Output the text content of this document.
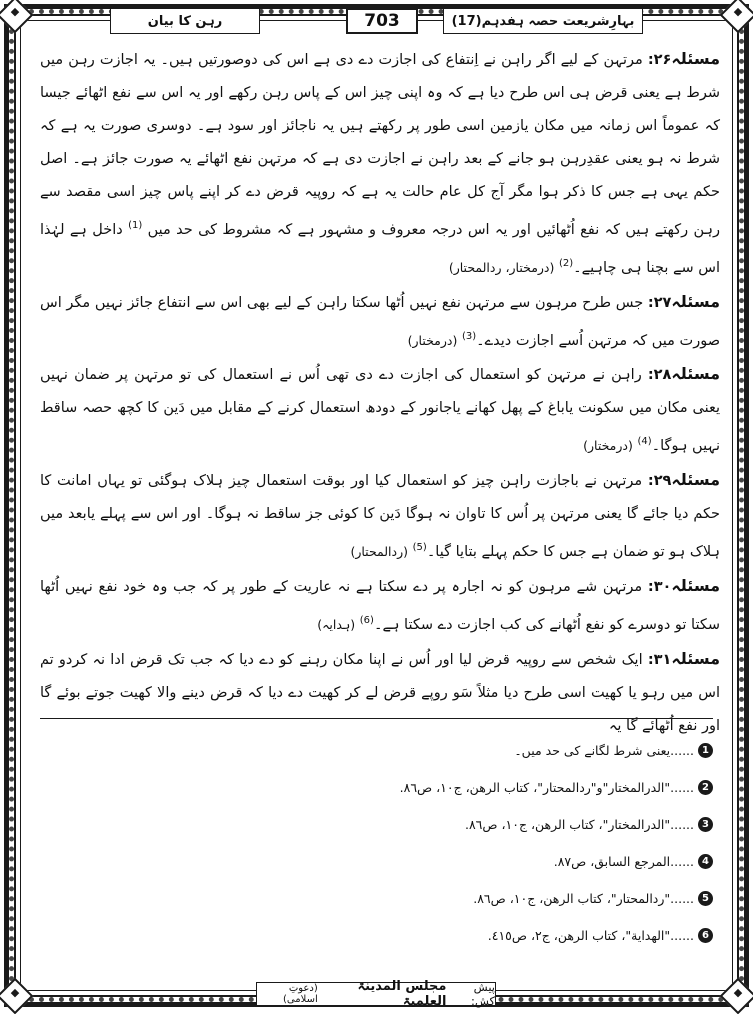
بہارِشریعت حصہ ہفدہم(17)
703
رہن کا بیان

مسئلہ۲۶: مرتہن کے لیے اگر راہن نے اِنتفاع کی اجازت دے دی ہے اس کی دوصورتیں ہیں۔ یہ اجازت رہن میں شرط ہے یعنی قرض ہی اس طرح دیا ہے کہ وہ اپنی چیز اس کے پاس رہن رکھے اور یہ اس سے نفع اٹھائے جیسا کہ عموماً اس زمانہ میں مکان یازمین اسی طور پر رکھتے ہیں یہ ناجائز اور سود ہے۔ دوسری صورت یہ ہے کہ شرط نہ ہو یعنی عقدِرہن ہو جانے کے بعد راہن نے اجازت دی ہے کہ مرتہن نفع اٹھائے یہ صورت جائز ہے۔ اصل حکم یہی ہے جس کا ذکر ہوا مگر آج کل عام حالت یہ ہے کہ روپیہ قرض دے کر اپنے پاس چیز اسی مقصد سے رہن رکھتے ہیں کہ نفع اُٹھائیں اور یہ اس درجہ معروف و مشہور ہے کہ مشروط کی حد میں $^{(1)}$ داخل ہے لہٰذا اس سے بچنا ہی چاہیے۔$^{(2)}$ (درمختار، ردالمحتار)

مسئلہ۲۷: جس طرح مرہون سے مرتہن نفع نہیں اُٹھا سکتا راہن کے لیے بھی اس سے انتفاع جائز نہیں مگر اس صورت میں کہ مرتہن اُسے اجازت دیدے۔$^{(3)}$ (درمختار)

مسئلہ۲۸: راہن نے مرتہن کو استعمال کی اجازت دے دی تھی اُس نے استعمال کی تو مرتہن پر ضمان نہیں یعنی مکان میں سکونت یاباغ کے پھل کھانے یاجانور کے دودھ استعمال کرنے کے مقابل میں دَین کا کچھ حصہ ساقط نہیں ہوگا۔$^{(4)}$ (درمختار)

مسئلہ۲۹: مرتہن نے باجازت راہن چیز کو استعمال کیا اور بوقت استعمال چیز ہلاک ہوگئی تو یہاں امانت کا حکم دیا جائے گا یعنی مرتہن پر اُس کا تاوان نہ ہوگا دَین کا کوئی جز ساقط نہ ہوگا۔ اور اس سے پہلے یابعد میں ہلاک ہو تو ضمان ہے جس کا حکم پہلے بتایا گیا۔$^{(5)}$ (ردالمحتار)

مسئلہ۳۰: مرتہن شے مرہون کو نہ اجارہ پر دے سکتا ہے نہ عاریت کے طور پر کہ جب وہ خود نفع نہیں اُٹھا سکتا تو دوسرے کو نفع اُٹھانے کی کب اجازت دے سکتا ہے۔$^{(6)}$ (ہدایہ)

مسئلہ۳۱: ایک شخص سے روپیہ قرض لیا اور اُس نے اپنا مکان رہنے کو دے دیا کہ جب تک قرض ادا نہ کردو تم اس میں رہو یا کھیت اسی طرح دیا مثلاً سَو روپے قرض لے کر کھیت دے دیا کہ قرض دینے والا کھیت جوتے بوئے گا اور نفع اُٹھائے گا یہ

1
......یعنی شرط لگانے کی حد میں۔
2
......"الدرالمختار"و"ردالمحتار"، کتاب الرهن، ج١٠، ص٨٦.
3
......"الدرالمختار"، کتاب الرهن، ج١٠، ص٨٦.
4
......المرجع السابق، ص٨٧.
5
......"ردالمحتار"، کتاب الرهن، ج١٠، ص٨٦.
6
......"الهداية"، کتاب الرهن، ج٢، ص٤١٥.
پیش کش:
مجلس المدینۃ العلمیۃ
(دعوتِ اسلامی)
